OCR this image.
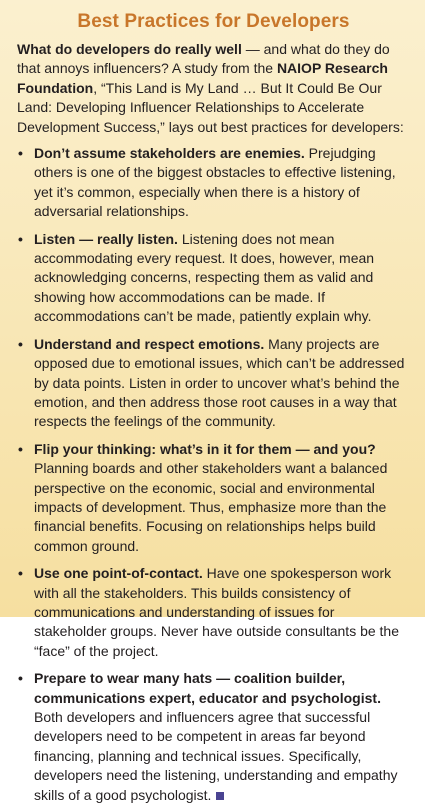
Best Practices for Developers

What do developers do really well — and what do they do that annoys influencers? A study from the NAIOP Research Foundation, “This Land is My Land … But It Could Be Our Land: Developing Influencer Relationships to Accelerate Development Success,” lays out best practices for developers:

• Don’t assume stakeholders are enemies. Prejudging others is one of the biggest obstacles to effective listening, yet it’s common, especially when there is a history of adversarial relationships.
• Listen — really listen. Listening does not mean accommodating every request. It does, however, mean acknowledging concerns, respecting them as valid and showing how accommodations can be made. If accommodations can’t be made, patiently explain why.
• Understand and respect emotions. Many projects are opposed due to emotional issues, which can’t be addressed by data points. Listen in order to uncover what’s behind the emotion, and then address those root causes in a way that respects the feelings of the community.
• Flip your thinking: what’s in it for them — and you? Planning boards and other stakeholders want a balanced perspective on the economic, social and environmental impacts of development. Thus, emphasize more than the financial benefits. Focusing on relationships helps build common ground.
• Use one point-of-contact. Have one spokesperson work with all the stakeholders. This builds consistency of communications and understanding of issues for stakeholder groups. Never have outside consultants be the “face” of the project.
• Prepare to wear many hats — coalition builder, communications expert, educator and psychologist. Both developers and influencers agree that successful developers need to be competent in areas far beyond financing, planning and technical issues. Specifically, developers need the listening, understanding and empathy skills of a good psychologist.
